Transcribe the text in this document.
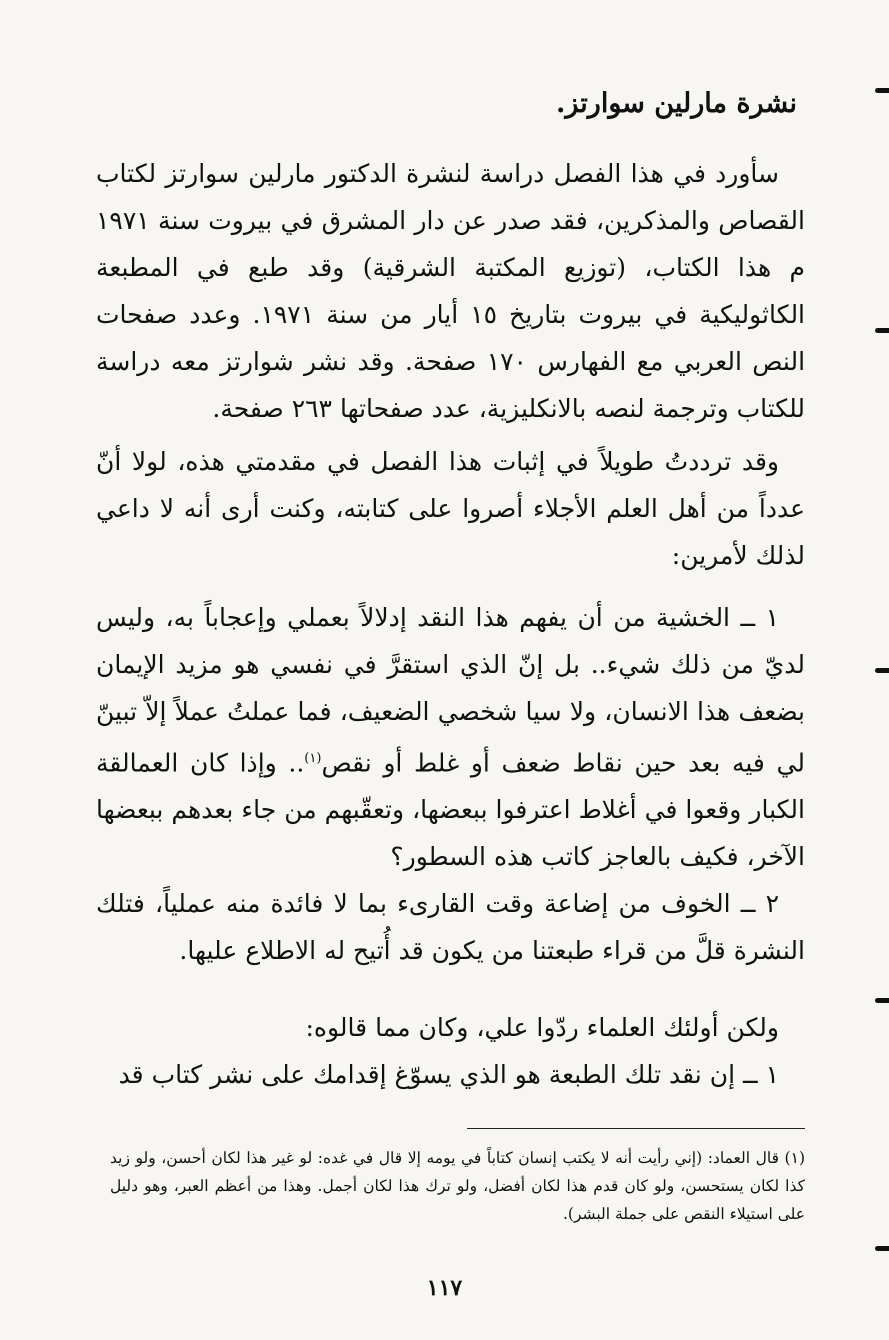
نشرة مارلين سوارتز.

سأورد في هذا الفصل دراسة لنشرة الدكتور مارلين سوارتز لكتاب القصاص والمذكرين، فقد صدر عن دار المشرق في بيروت سنة ١٩٧١ م هذا الكتاب، (توزيع المكتبة الشرقية) وقد طبع في المطبعة الكاثوليكية في بيروت بتاريخ ١٥ أيار من سنة ١٩٧١. وعدد صفحات النص العربي مع الفهارس ١٧٠ صفحة. وقد نشر شوارتز معه دراسة للكتاب وترجمة لنصه بالانكليزية، عدد صفحاتها ٢٦٣ صفحة.

وقد ترددتُ طويلاً في إثبات هذا الفصل في مقدمتي هذه، لولا أنّ عدداً من أهل العلم الأجلاء أصروا على كتابته، وكنت أرى أنه لا داعي لذلك لأمرين:

١ ــ الخشية من أن يفهم هذا النقد إدلالاً بعملي وإعجاباً به، وليس لديّ من ذلك شيء.. بل إنّ الذي استقرَّ في نفسي هو مزيد الإيمان بضعف هذا الانسان، ولا سيا شخصي الضعيف، فما عملتُ عملاً إلاّ تبينّ لي فيه بعد حين نقاط ضعف أو غلط أو نقص$^{(١)}$.. وإذا كان العمالقة الكبار وقعوا في أغلاط اعترفوا ببعضها، وتعقّبهم من جاء بعدهم ببعضها الآخر، فكيف بالعاجز كاتب هذه السطور؟

٢ ــ الخوف من إضاعة وقت القارىء بما لا فائدة منه عملياً، فتلك النشرة قلَّ من قراء طبعتنا من يكون قد أُتيح له الاطلاع عليها.

ولكن أولئك العلماء ردّوا علي، وكان مما قالوه:

١ ــ إن نقد تلك الطبعة هو الذي يسوّغ إقدامك على نشر كتاب قد

(١) قال العماد: (إني رأيت أنه لا يكتب إنسان كتاباً في يومه إلا قال في غده: لو غير هذا لكان أحسن، ولو زيد كذا لكان يستحسن، ولو كان قدم هذا لكان أفضل، ولو ترك هذا لكان أجمل. وهذا من أعظم العبر، وهو دليل على استيلاء النقص على جملة البشر).

١١٧
